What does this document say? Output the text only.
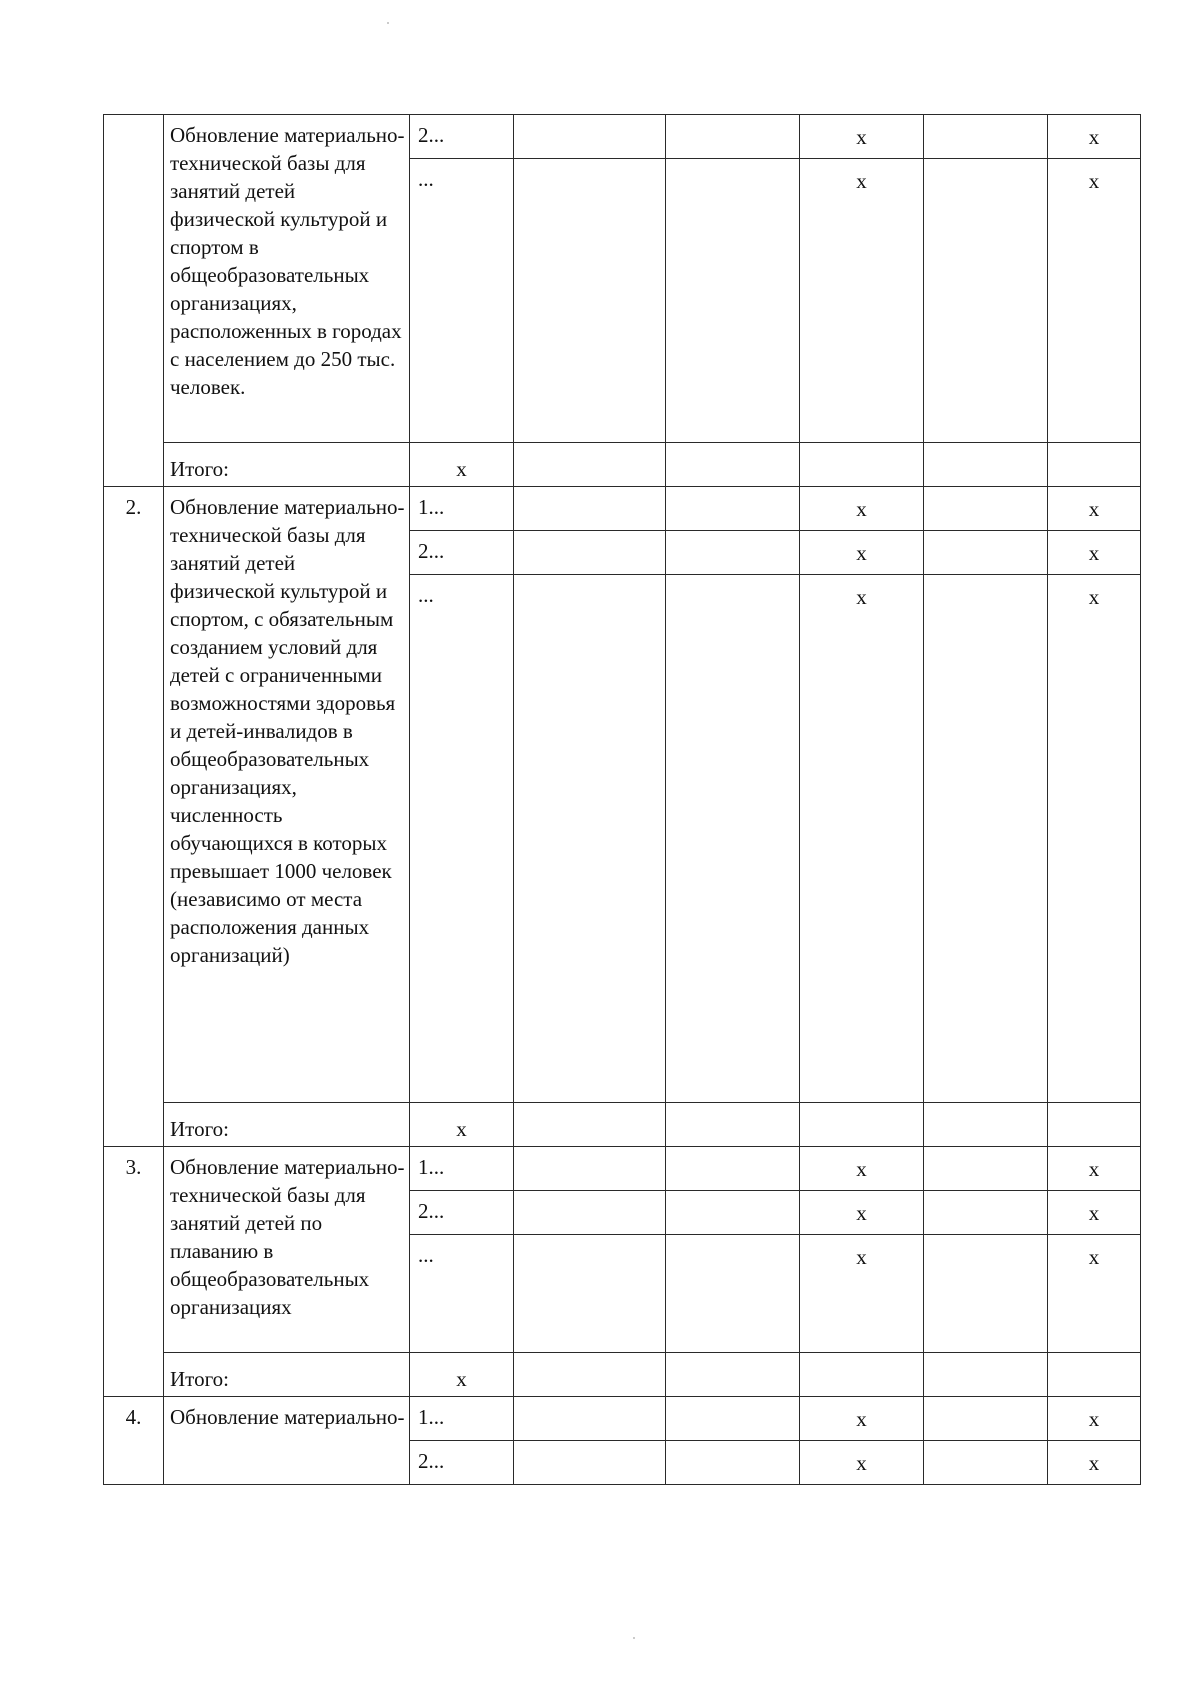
	Обновление материально-технической базы для занятий детей физической культурой и спортом в общеобразовательных организациях, расположенных в городах с населением до 250 тыс. человек.	2...			x		x
		...			x		x
	Итого:	x					
2.	Обновление материально-технической базы для занятий детей физической культурой и спортом, с обязательным созданием условий для детей с ограниченными возможностями здоровья и детей-инвалидов в общеобразовательных организациях, численность обучающихся в которых превышает 1000 человек (независимо от места расположения данных организаций)	1...			x		x
		2...			x		x
		...			x		x
	Итого:	x					
3.	Обновление материально-технической базы для занятий детей по плаванию в общеобразовательных организациях	1...			x		x
		2...			x		x
		...			x		x
	Итого:	x					
4.	Обновление материально-	1...			x		x
		2...			x		x
